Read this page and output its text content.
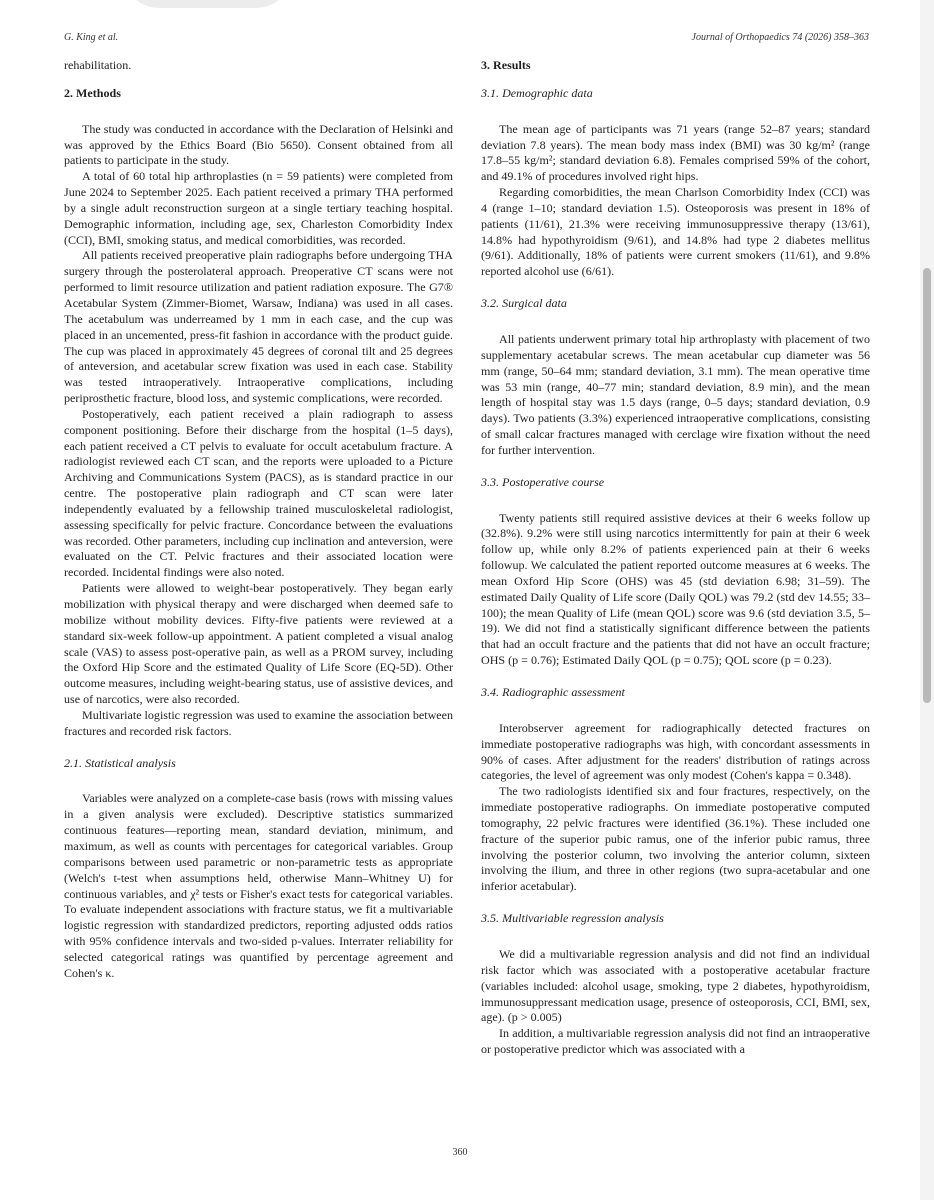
G. King et al.	Journal of Orthopaedics 74 (2026) 358–363

rehabilitation.

2. Methods

The study was conducted in accordance with the Declaration of Helsinki and was approved by the Ethics Board (Bio 5650). Consent obtained from all patients to participate in the study.

A total of 60 total hip arthroplasties (n = 59 patients) were completed from June 2024 to September 2025. Each patient received a primary THA performed by a single adult reconstruction surgeon at a single tertiary teaching hospital. Demographic information, including age, sex, Charleston Comorbidity Index (CCI), BMI, smoking status, and medical comorbidities, was recorded.

All patients received preoperative plain radiographs before undergoing THA surgery through the posterolateral approach. Preoperative CT scans were not performed to limit resource utilization and patient radiation exposure. The G7® Acetabular System (Zimmer-Biomet, Warsaw, Indiana) was used in all cases. The acetabulum was underreamed by 1 mm in each case, and the cup was placed in an uncemented, press-fit fashion in accordance with the product guide. The cup was placed in approximately 45 degrees of coronal tilt and 25 degrees of anteversion, and acetabular screw fixation was used in each case. Stability was tested intraoperatively. Intraoperative complications, including periprosthetic fracture, blood loss, and systemic complications, were recorded.

Postoperatively, each patient received a plain radiograph to assess component positioning. Before their discharge from the hospital (1–5 days), each patient received a CT pelvis to evaluate for occult acetabulum fracture. A radiologist reviewed each CT scan, and the reports were uploaded to a Picture Archiving and Communications System (PACS), as is standard practice in our centre. The postoperative plain radiograph and CT scan were later independently evaluated by a fellowship trained musculoskeletal radiologist, assessing specifically for pelvic fracture. Concordance between the evaluations was recorded. Other parameters, including cup inclination and anteversion, were evaluated on the CT. Pelvic fractures and their associated location were recorded. Incidental findings were also noted.

Patients were allowed to weight-bear postoperatively. They began early mobilization with physical therapy and were discharged when deemed safe to mobilize without mobility devices. Fifty-five patients were reviewed at a standard six-week follow-up appointment. A patient completed a visual analog scale (VAS) to assess post-operative pain, as well as a PROM survey, including the Oxford Hip Score and the estimated Quality of Life Score (EQ-5D). Other outcome measures, including weight-bearing status, use of assistive devices, and use of narcotics, were also recorded.

Multivariate logistic regression was used to examine the association between fractures and recorded risk factors.

2.1. Statistical analysis

Variables were analyzed on a complete-case basis (rows with missing values in a given analysis were excluded). Descriptive statistics summarized continuous features—reporting mean, standard deviation, minimum, and maximum, as well as counts with percentages for categorical variables. Group comparisons between used parametric or non-parametric tests as appropriate (Welch's t-test when assumptions held, otherwise Mann–Whitney U) for continuous variables, and χ² tests or Fisher's exact tests for categorical variables. To evaluate independent associations with fracture status, we fit a multivariable logistic regression with standardized predictors, reporting adjusted odds ratios with 95% confidence intervals and two-sided p-values. Interrater reliability for selected categorical ratings was quantified by percentage agreement and Cohen's κ.

3. Results

3.1. Demographic data

The mean age of participants was 71 years (range 52–87 years; standard deviation 7.8 years). The mean body mass index (BMI) was 30 kg/m² (range 17.8–55 kg/m²; standard deviation 6.8). Females comprised 59% of the cohort, and 49.1% of procedures involved right hips.

Regarding comorbidities, the mean Charlson Comorbidity Index (CCI) was 4 (range 1–10; standard deviation 1.5). Osteoporosis was present in 18% of patients (11/61), 21.3% were receiving immunosuppressive therapy (13/61), 14.8% had hypothyroidism (9/61), and 14.8% had type 2 diabetes mellitus (9/61). Additionally, 18% of patients were current smokers (11/61), and 9.8% reported alcohol use (6/61).

3.2. Surgical data

All patients underwent primary total hip arthroplasty with placement of two supplementary acetabular screws. The mean acetabular cup diameter was 56 mm (range, 50–64 mm; standard deviation, 3.1 mm). The mean operative time was 53 min (range, 40–77 min; standard deviation, 8.9 min), and the mean length of hospital stay was 1.5 days (range, 0–5 days; standard deviation, 0.9 days). Two patients (3.3%) experienced intraoperative complications, consisting of small calcar fractures managed with cerclage wire fixation without the need for further intervention.

3.3. Postoperative course

Twenty patients still required assistive devices at their 6 weeks follow up (32.8%). 9.2% were still using narcotics intermittently for pain at their 6 week follow up, while only 8.2% of patients experienced pain at their 6 weeks followup. We calculated the patient reported outcome measures at 6 weeks. The mean Oxford Hip Score (OHS) was 45 (std deviation 6.98; 31–59). The estimated Daily Quality of Life score (Daily QOL) was 79.2 (std dev 14.55; 33–100); the mean Quality of Life (mean QOL) score was 9.6 (std deviation 3.5, 5–19). We did not find a statistically significant difference between the patients that had an occult fracture and the patients that did not have an occult fracture; OHS (p = 0.76); Estimated Daily QOL (p = 0.75); QOL score (p = 0.23).

3.4. Radiographic assessment

Interobserver agreement for radiographically detected fractures on immediate postoperative radiographs was high, with concordant assessments in 90% of cases. After adjustment for the readers' distribution of ratings across categories, the level of agreement was only modest (Cohen's kappa = 0.348).

The two radiologists identified six and four fractures, respectively, on the immediate postoperative radiographs. On immediate postoperative computed tomography, 22 pelvic fractures were identified (36.1%). These included one fracture of the superior pubic ramus, one of the inferior pubic ramus, three involving the posterior column, two involving the anterior column, sixteen involving the ilium, and three in other regions (two supra-acetabular and one inferior acetabular).

3.5. Multivariable regression analysis

We did a multivariable regression analysis and did not find an individual risk factor which was associated with a postoperative acetabular fracture (variables included: alcohol usage, smoking, type 2 diabetes, hypothyroidism, immunosuppressant medication usage, presence of osteoporosis, CCI, BMI, sex, age). (p > 0.005)

In addition, a multivariable regression analysis did not find an intraoperative or postoperative predictor which was associated with a

360
